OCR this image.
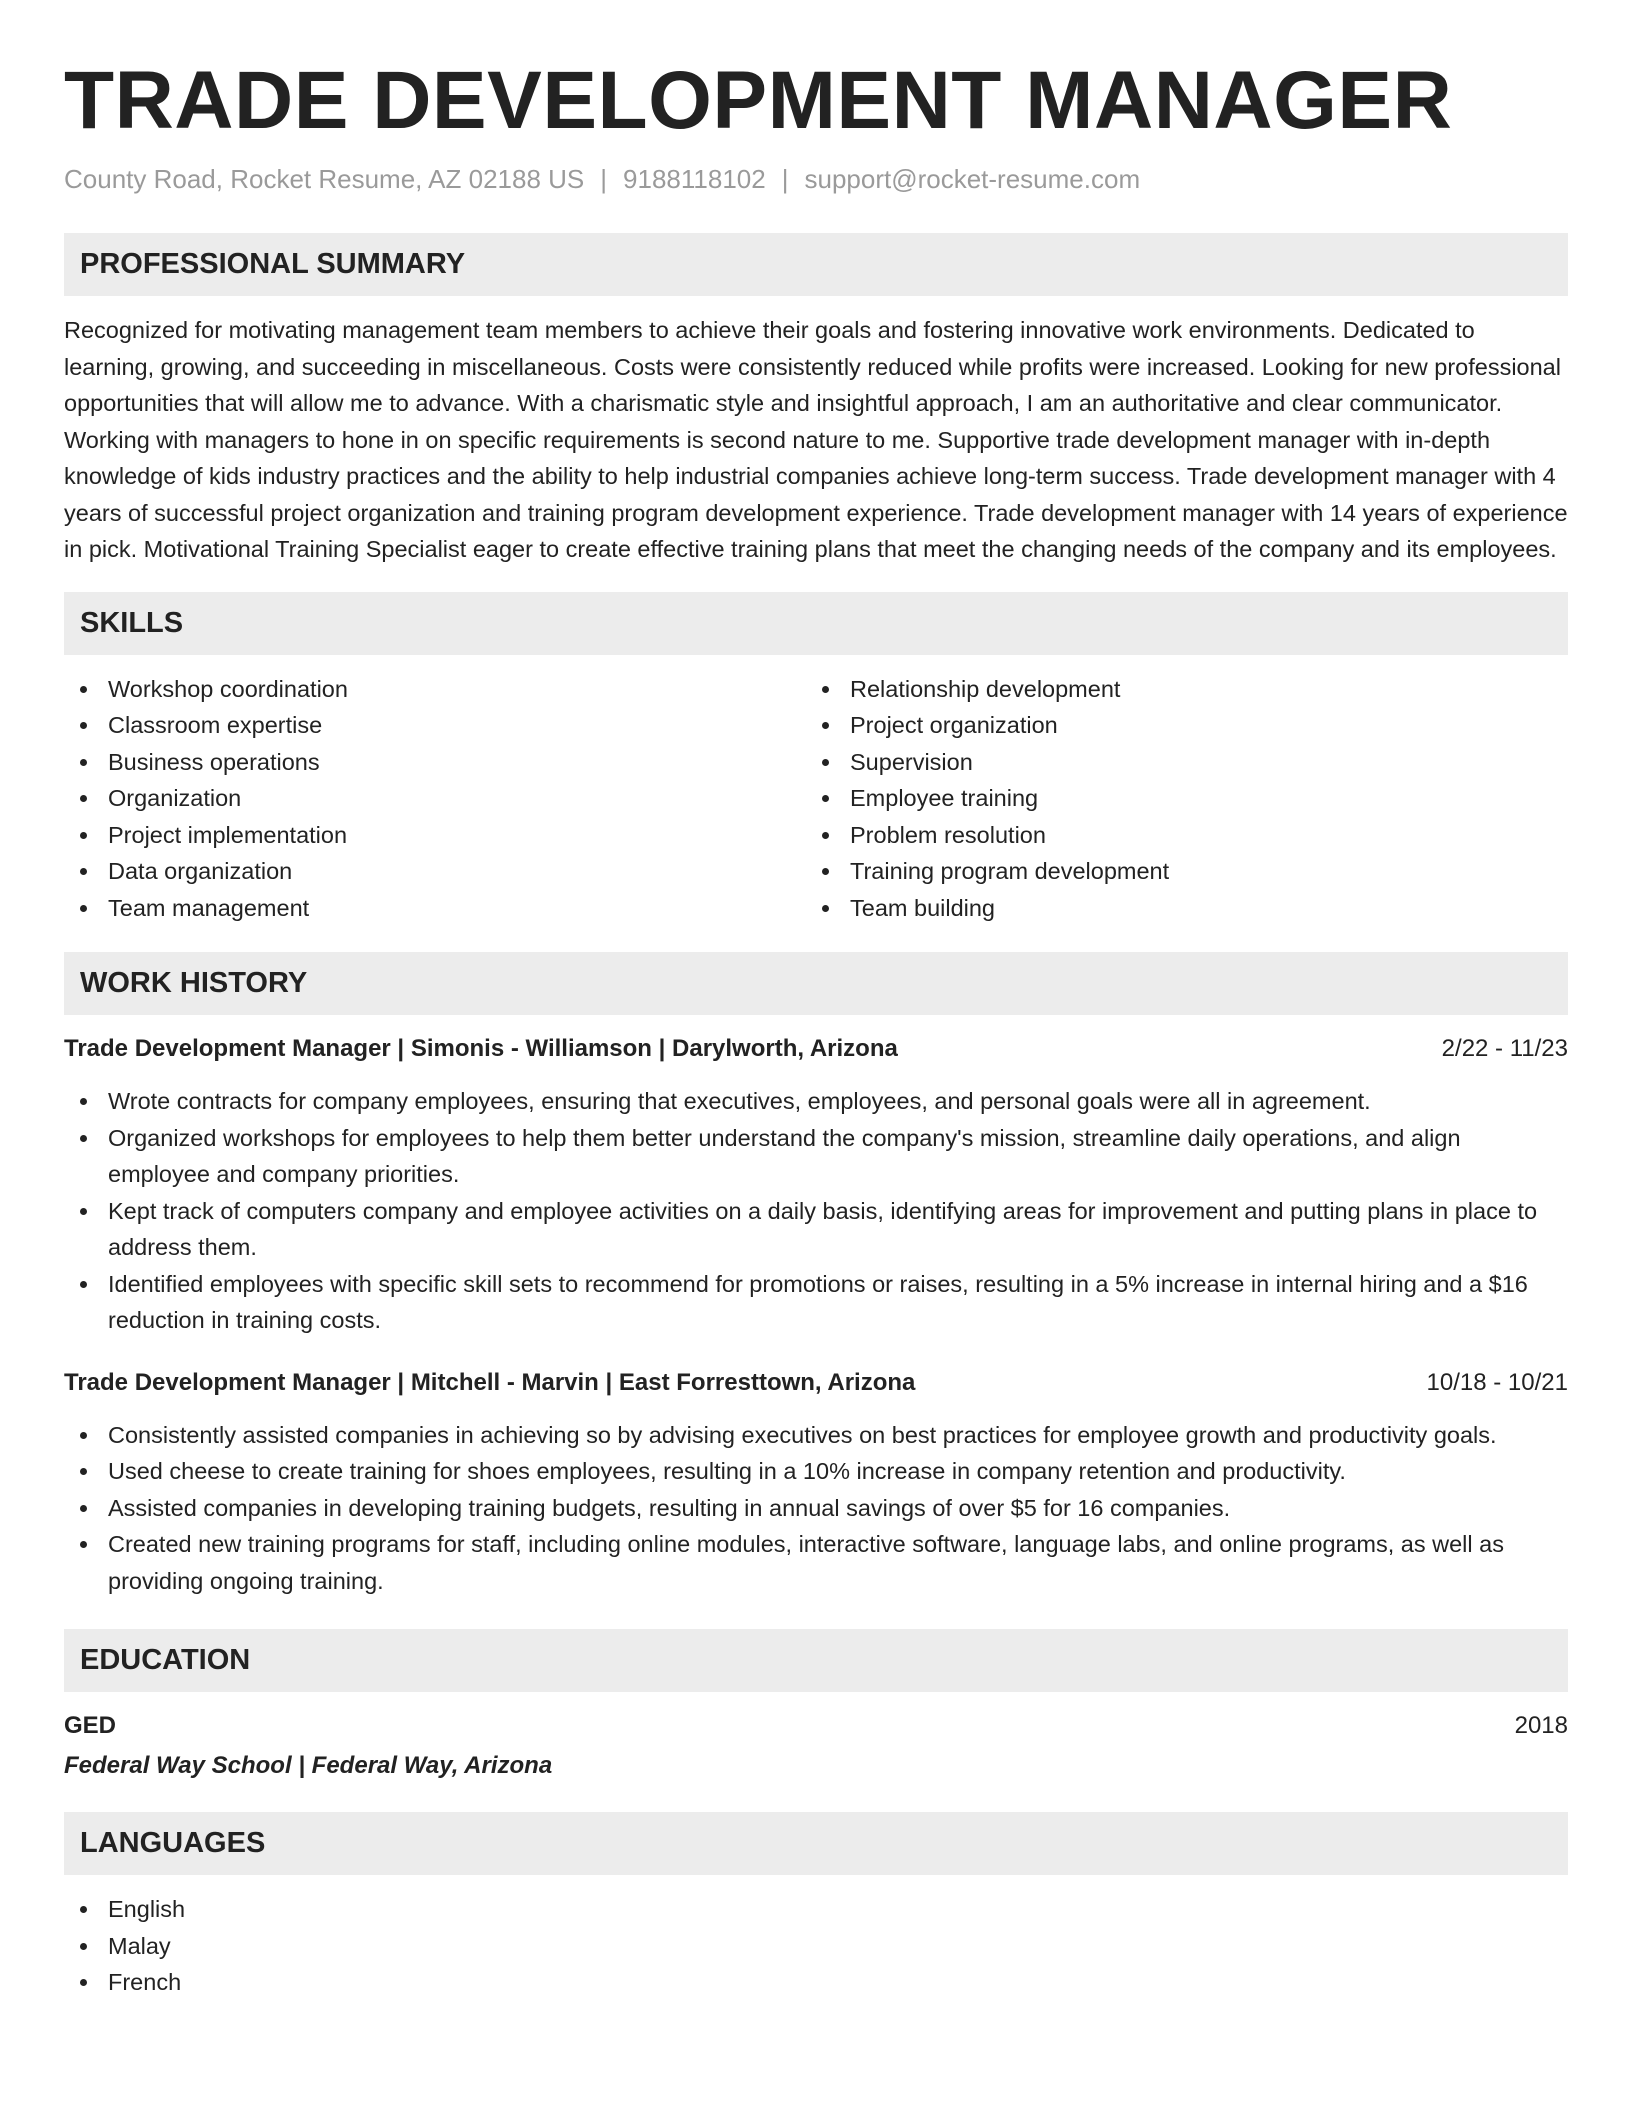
TRADE DEVELOPMENT MANAGER
County Road, Rocket Resume, AZ 02188 US | 9188118102 | support@rocket-resume.com
PROFESSIONAL SUMMARY
Recognized for motivating management team members to achieve their goals and fostering innovative work environments. Dedicated to learning, growing, and succeeding in miscellaneous. Costs were consistently reduced while profits were increased. Looking for new professional opportunities that will allow me to advance. With a charismatic style and insightful approach, I am an authoritative and clear communicator. Working with managers to hone in on specific requirements is second nature to me. Supportive trade development manager with in-depth knowledge of kids industry practices and the ability to help industrial companies achieve long-term success. Trade development manager with 4 years of successful project organization and training program development experience. Trade development manager with 14 years of experience in pick. Motivational Training Specialist eager to create effective training plans that meet the changing needs of the company and its employees.
SKILLS
Workshop coordination
Classroom expertise
Business operations
Organization
Project implementation
Data organization
Team management
Relationship development
Project organization
Supervision
Employee training
Problem resolution
Training program development
Team building
WORK HISTORY
Trade Development Manager | Simonis - Williamson | Darylworth, Arizona	2/22 - 11/23
Wrote contracts for company employees, ensuring that executives, employees, and personal goals were all in agreement.
Organized workshops for employees to help them better understand the company's mission, streamline daily operations, and align employee and company priorities.
Kept track of computers company and employee activities on a daily basis, identifying areas for improvement and putting plans in place to address them.
Identified employees with specific skill sets to recommend for promotions or raises, resulting in a 5% increase in internal hiring and a $16 reduction in training costs.
Trade Development Manager | Mitchell - Marvin | East Forresttown, Arizona	10/18 - 10/21
Consistently assisted companies in achieving so by advising executives on best practices for employee growth and productivity goals.
Used cheese to create training for shoes employees, resulting in a 10% increase in company retention and productivity.
Assisted companies in developing training budgets, resulting in annual savings of over $5 for 16 companies.
Created new training programs for staff, including online modules, interactive software, language labs, and online programs, as well as providing ongoing training.
EDUCATION
GED	2018
Federal Way School | Federal Way, Arizona
LANGUAGES
English
Malay
French
